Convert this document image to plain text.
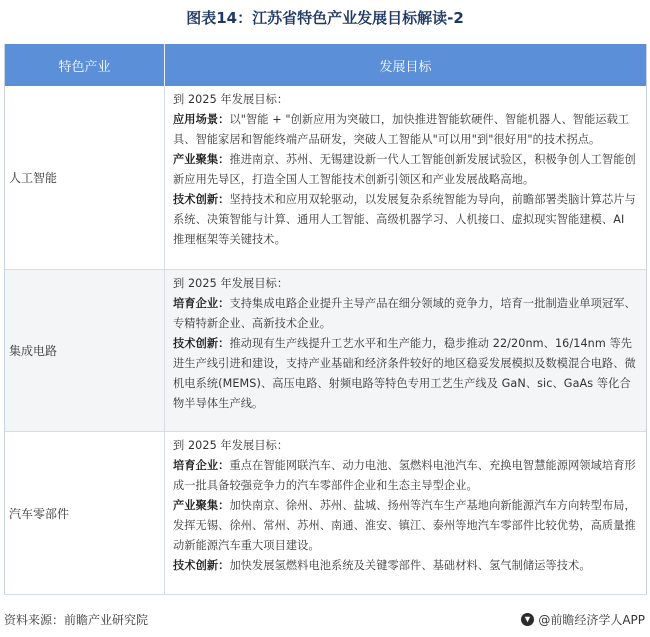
图表14：江苏省特色产业发展目标解读-2
特色产业	发展目标
人工智能

到 2025 年发展目标：

应用场景：以"智能 + "创新应用为突破口，加快推进智能软硬件、智能机器人、智能运载工具、智能家居和智能终端产品研发，突破人工智能从"可以用"到"很好用"的技术拐点。

产业聚集：推进南京、苏州、无锡建设新一代人工智能创新发展试验区，积极争创人工智能创新应用先导区，打造全国人工智能技术创新引领区和产业发展战略高地。

技术创新：坚持技术和应用双轮驱动，以发展复杂系统智能为导向，前瞻部署类脑计算芯片与系统、决策智能与计算、通用人工智能、高级机器学习、人机接口、虚拟现实智能建模、AI 推理框架等关键技术。

集成电路

到 2025 年发展目标：

培育企业：支持集成电路企业提升主导产品在细分领域的竞争力，培育一批制造业单项冠军、专精特新企业、高新技术企业。

技术创新：推动现有生产线提升工艺水平和生产能力，稳步推动 22/20nm、16/14nm 等先进生产线引进和建设，支持产业基础和经济条件较好的地区稳妥发展模拟及数模混合电路、微机电系统(MEMS)、高压电路、射频电路等特色专用工艺生产线及 GaN、sic、GaAs 等化合物半导体生产线。

汽车零部件

到 2025 年发展目标：

培育企业：重点在智能网联汽车、动力电池、氢燃料电池汽车、充换电智慧能源网领域培育形成一批具备较强竞争力的汽车零部件企业和生态主导型企业。

产业聚集：加快南京、徐州、苏州、盐城、扬州等汽车生产基地向新能源汽车方向转型布局，发挥无锡、徐州、常州、苏州、南通、淮安、镇江、泰州等地汽车零部件比较优势，高质量推动新能源汽车重大项目建设。

技术创新：加快发展氢燃料电池系统及关键零部件、基础材料、氢气制储运等技术。

资料来源：前瞻产业研究院	@前瞻经济学人APP
